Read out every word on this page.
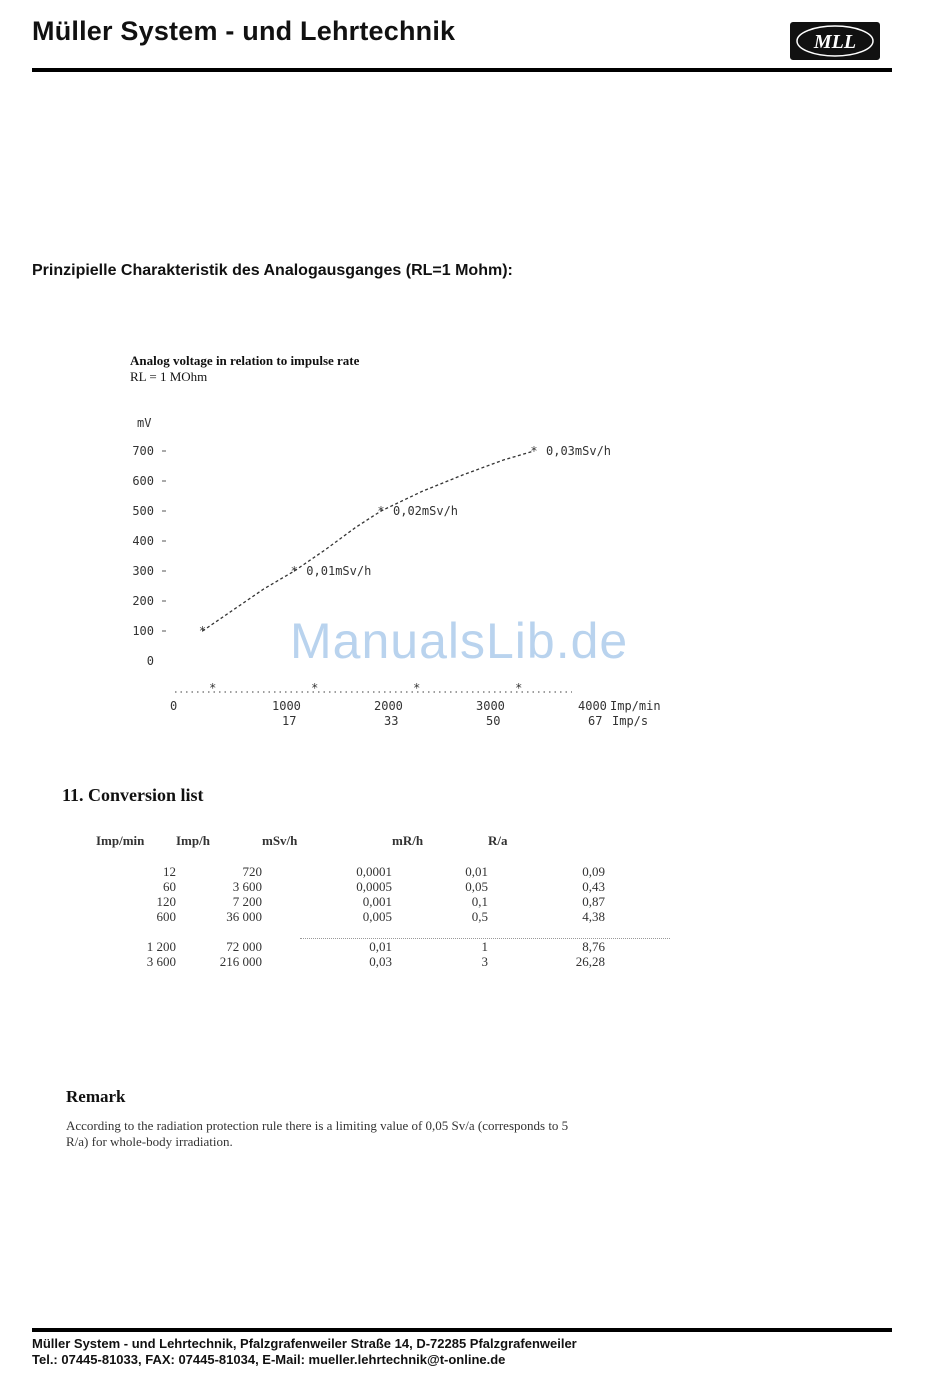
Müller System - und Lehrtechnik	MLL
Prinzipielle Charakteristik des Analogausganges (RL=1 Mohm):
Analog voltage in relation to impulse rate
RL = 1 MOhm
*	*	*	*
*
*
*
*
mV
0
100
200
300
400
500
600
700
0	1000	2000	3000	4000 Imp/min
17	33	50	67 Imp/s
0,01mSv/h
0,02mSv/h
0,03mSv/h
ManualsLib.de
11. Conversion list
Imp/min	Imp/h	mSv/h	mR/h	R/a
12	720	0,0001	0,01	0,09
60	3 600	0,0005	0,05	0,43
120	7 200	0,001	0,1	0,87
600	36 000	0,005	0,5	4,38

1 200	72 000	0,01	1	8,76
3 600	216 000	0,03	3	26,28
Remark
According to the radiation protection rule there is a limiting value of 0,05 Sv/a (corresponds to 5 R/a) for whole-body irradiation.
Müller System - und Lehrtechnik, Pfalzgrafenweiler Straße 14, D-72285 Pfalzgrafenweiler
Tel.: 07445-81033, FAX: 07445-81034, E-Mail: mueller.lehrtechnik@t-online.de
